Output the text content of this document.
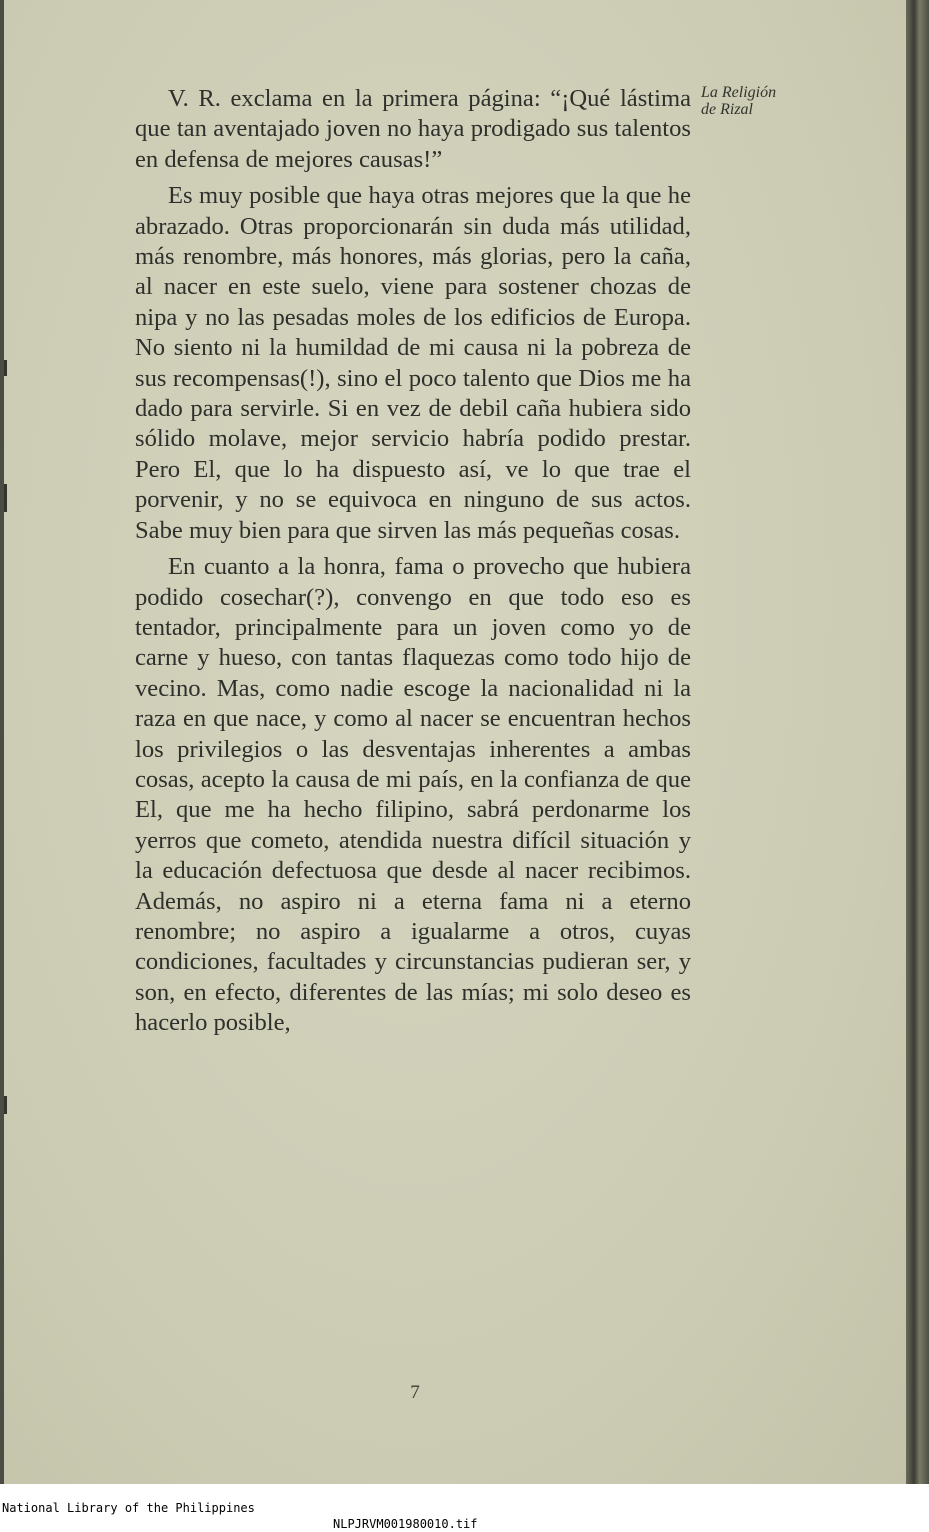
V. R. exclama en la primera página: “¡Qué lástima que tan aventajado joven no haya prodigado sus talentos en defensa de mejores causas!”

Es muy posible que haya otras mejores que la que he abrazado. Otras proporcionarán sin duda más utilidad, más renombre, más honores, más glorias, pero la caña, al nacer en este suelo, viene para sostener chozas de nipa y no las pesadas moles de los edificios de Europa. No siento ni la humildad de mi causa ni la pobreza de sus recompensas(!), sino el poco talento que Dios me ha dado para servirle. Si en vez de debil caña hubiera sido sólido molave, mejor servicio habría podido prestar. Pero El, que lo ha dispuesto así, ve lo que trae el porvenir, y no se equivoca en ninguno de sus actos. Sabe muy bien para que sirven las más pequeñas cosas.

En cuanto a la honra, fama o provecho que hubiera podido cosechar(?), convengo en que todo eso es tentador, principalmente para un joven como yo de carne y hueso, con tantas flaquezas como todo hijo de vecino. Mas, como nadie escoge la nacionalidad ni la raza en que nace, y como al nacer se encuentran hechos los privilegios o las desventajas inherentes a ambas cosas, acepto la causa de mi país, en la confianza de que El, que me ha hecho filipino, sabrá perdonarme los yerros que cometo, atendida nuestra difícil situación y la educación defectuosa que desde al nacer recibimos. Además, no aspiro ni a eterna fama ni a eterno renombre; no aspiro a igualarme a otros, cuyas condiciones, facultades y circunstancias pudieran ser, y son, en efecto, diferentes de las mías; mi solo deseo es hacerlo posible,

La Religión
de Rizal
7

National Library of the Philippines

NLPJRVM001980010.tif
